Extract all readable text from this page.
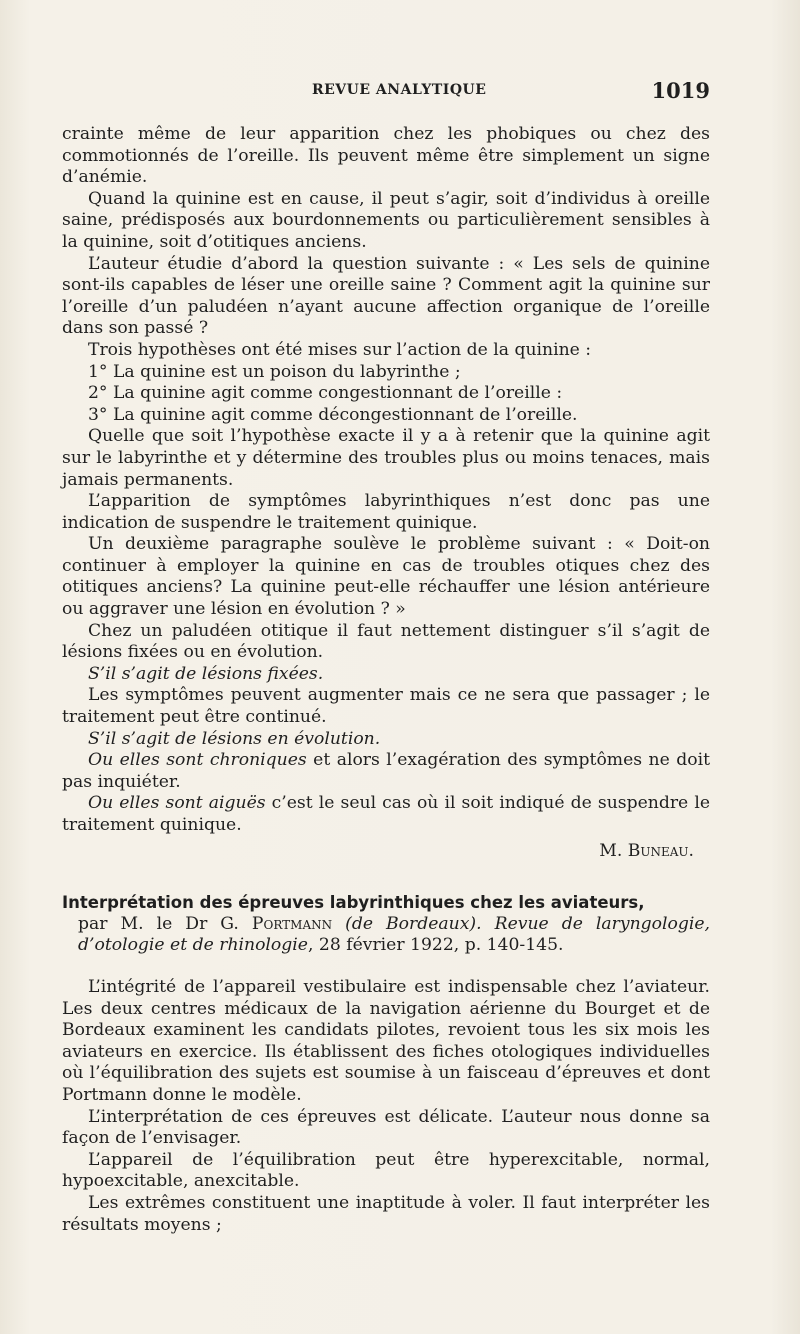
REVUE ANALYTIQUE	1019

crainte même de leur apparition chez les phobiques ou chez des commotionnés de l’oreille. Ils peuvent même être simplement un signe d’anémie.

Quand la quinine est en cause, il peut s’agir, soit d’individus à oreille saine, prédisposés aux bourdonnements ou particulièrement sensibles à la quinine, soit d’otitiques anciens.

L’auteur étudie d’abord la question suivante : « Les sels de quinine sont-ils capables de léser une oreille saine ? Comment agit la quinine sur l’oreille d’un paludéen n’ayant aucune affection organique de l’oreille dans son passé ?

Trois hypothèses ont été mises sur l’action de la quinine :

1° La quinine est un poison du labyrinthe ;

2° La quinine agit comme congestionnant de l’oreille :

3° La quinine agit comme décongestionnant de l’oreille.

Quelle que soit l’hypothèse exacte il y a à retenir que la quinine agit sur le labyrinthe et y détermine des troubles plus ou moins tenaces, mais jamais permanents.

L’apparition de symptômes labyrinthiques n’est donc pas une indication de suspendre le traitement quinique.

Un deuxième paragraphe soulève le problème suivant : « Doit-on continuer à employer la quinine en cas de troubles otiques chez des otitiques anciens? La quinine peut-elle réchauffer une lésion antérieure ou aggraver une lésion en évolution ? »

Chez un paludéen otitique il faut nettement distinguer s’il s’agit de lésions fixées ou en évolution.

S’il s’agit de lésions fixées.

Les symptômes peuvent augmenter mais ce ne sera que passager ; le traitement peut être continué.

S’il s’agit de lésions en évolution.

Ou elles sont chroniques et alors l’exagération des symptômes ne doit pas inquiéter.

Ou elles sont aiguës c’est le seul cas où il soit indiqué de suspendre le traitement quinique.

M. Buneau.

Interprétation des épreuves labyrinthiques chez les aviateurs,

par M. le Dr G. Portmann (de Bordeaux). Revue de laryngologie, d’otologie et de rhinologie, 28 février 1922, p. 140-145.

L’intégrité de l’appareil vestibulaire est indispensable chez l’aviateur. Les deux centres médicaux de la navigation aérienne du Bourget et de Bordeaux examinent les candidats pilotes, revoient tous les six mois les aviateurs en exercice. Ils établissent des fiches otologiques individuelles où l’équilibration des sujets est soumise à un faisceau d’épreuves et dont Portmann donne le modèle.

L’interprétation de ces épreuves est délicate. L’auteur nous donne sa façon de l’envisager.

L’appareil de l’équilibration peut être hyperexcitable, normal, hypoexcitable, anexcitable.

Les extrêmes constituent une inaptitude à voler. Il faut interpréter les résultats moyens ;
